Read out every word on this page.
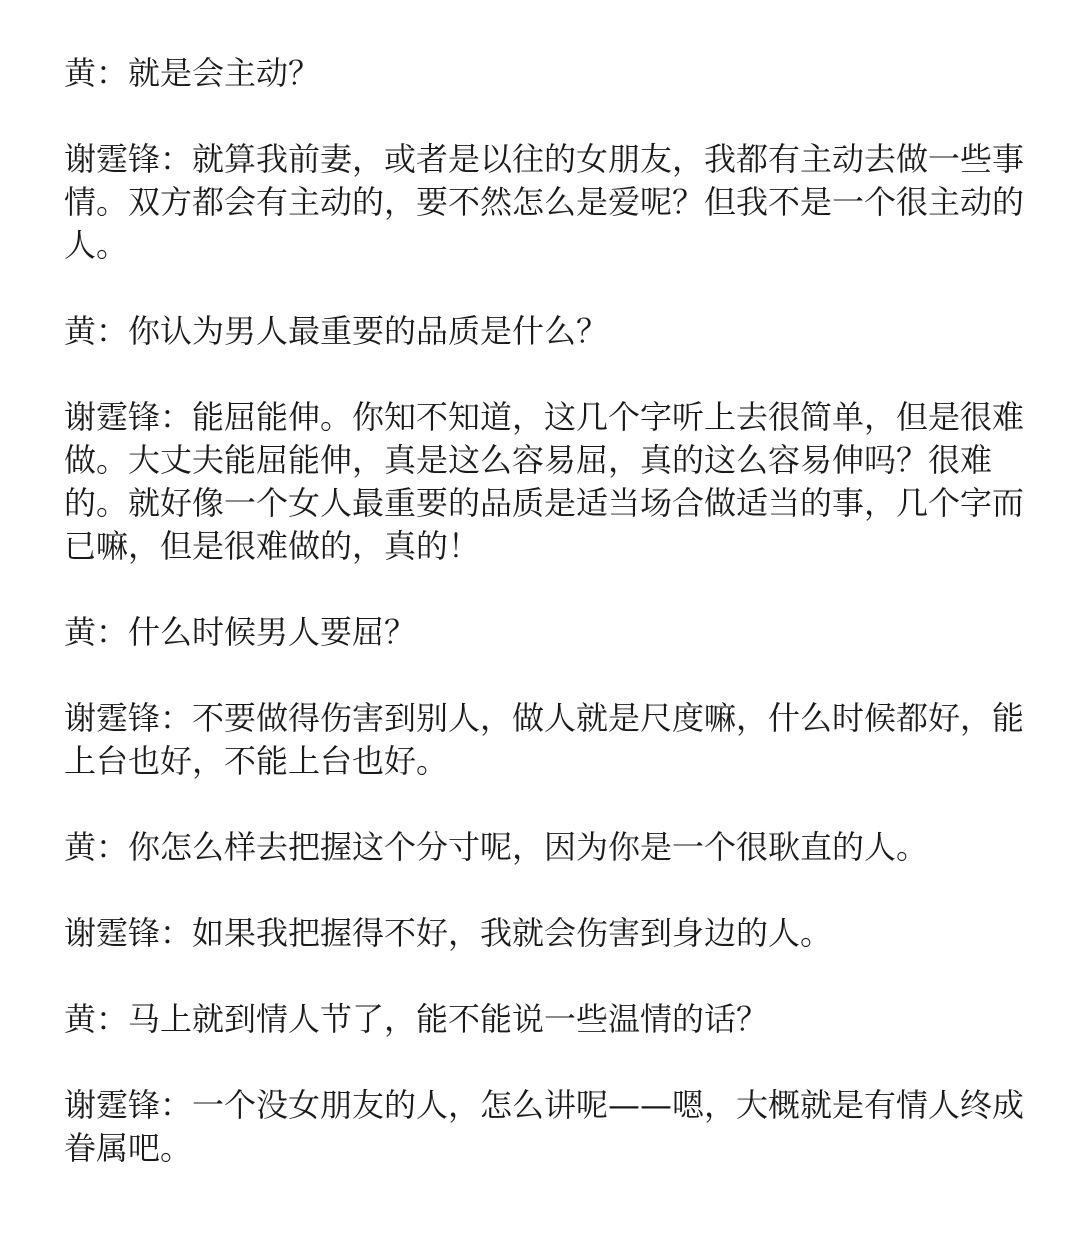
黄：就是会主动？

谢霆锋：就算我前妻，或者是以往的女朋友，我都有主动去做一些事情。双方都会有主动的，要不然怎么是爱呢？但我不是一个很主动的人。

黄：你认为男人最重要的品质是什么？

谢霆锋：能屈能伸。你知不知道，这几个字听上去很简单，但是很难做。大丈夫能屈能伸，真是这么容易屈，真的这么容易伸吗？很难的。就好像一个女人最重要的品质是适当场合做适当的事，几个字而已嘛，但是很难做的，真的！

黄：什么时候男人要屈？

谢霆锋：不要做得伤害到别人，做人就是尺度嘛，什么时候都好，能上台也好，不能上台也好。

黄：你怎么样去把握这个分寸呢，因为你是一个很耿直的人。

谢霆锋：如果我把握得不好，我就会伤害到身边的人。

黄：马上就到情人节了，能不能说一些温情的话？

谢霆锋：一个没女朋友的人，怎么讲呢——嗯，大概就是有情人终成眷属吧。
